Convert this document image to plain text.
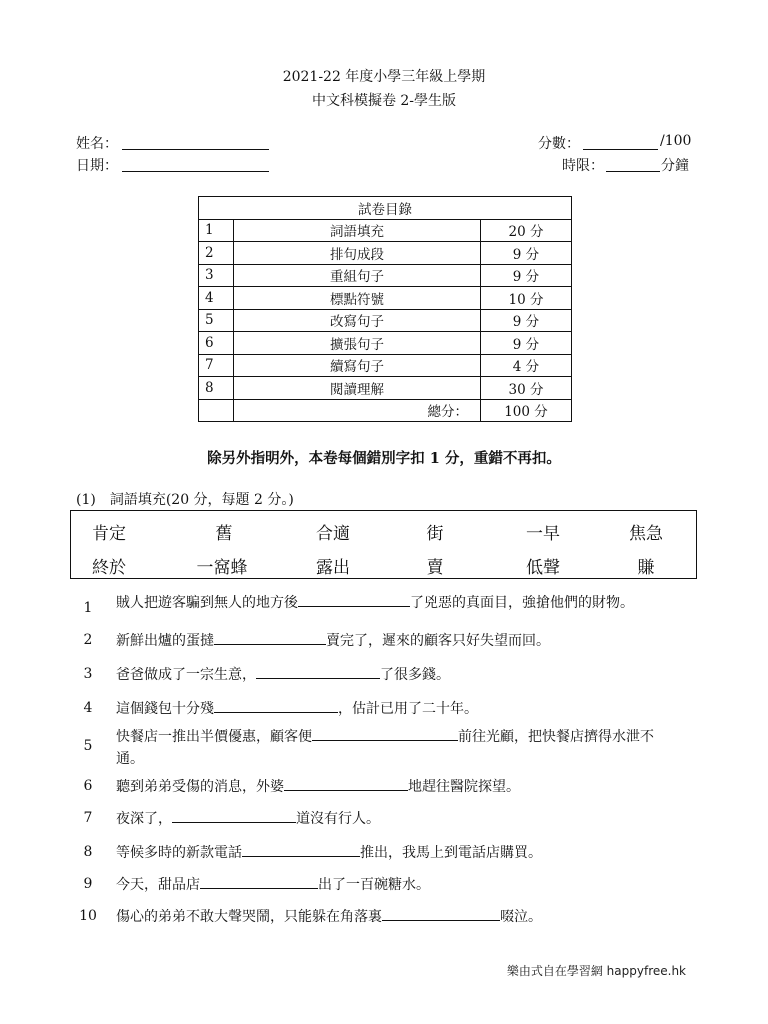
2021-22 年度小學三年級上學期
中文科模擬卷 2-學生版
姓名：
日期：
分數：	/100
時限：	分鐘
試卷目錄		
1	詞語填充	20 分
2	排句成段	9 分
3	重組句子	9 分
4	標點符號	10 分
5	改寫句子	9 分
6	擴張句子	9 分
7	續寫句子	4 分
8	閱讀理解	30 分
	總分：	100 分
除另外指明外，本卷每個錯別字扣 1 分，重錯不再扣。
(1)　詞語填充(20 分，每題 2 分。)
肯定	舊	合適	街	一早	焦急
終於	一窩蜂	露出	賣	低聲	賺
1	賊人把遊客騙到無人的地方後	了兇惡的真面目，強搶他們的財物。
2	新鮮出爐的蛋撻	賣完了，遲來的顧客只好失望而回。
3	爸爸做成了一宗生意，	了很多錢。
4	這個錢包十分殘	，估計已用了二十年。
5
快餐店一推出半價優惠，顧客便	前往光顧，把快餐店擠得水泄不
通。
6	聽到弟弟受傷的消息，外婆	地趕往醫院探望。
7	夜深了，	道沒有行人。
8	等候多時的新款電話	推出，我馬上到電話店購買。
9	今天，甜品店	出了一百碗糖水。
10 傷心的弟弟不敢大聲哭鬧，只能躲在角落裏	啜泣。
樂由式自在學習網 happyfree.hk
